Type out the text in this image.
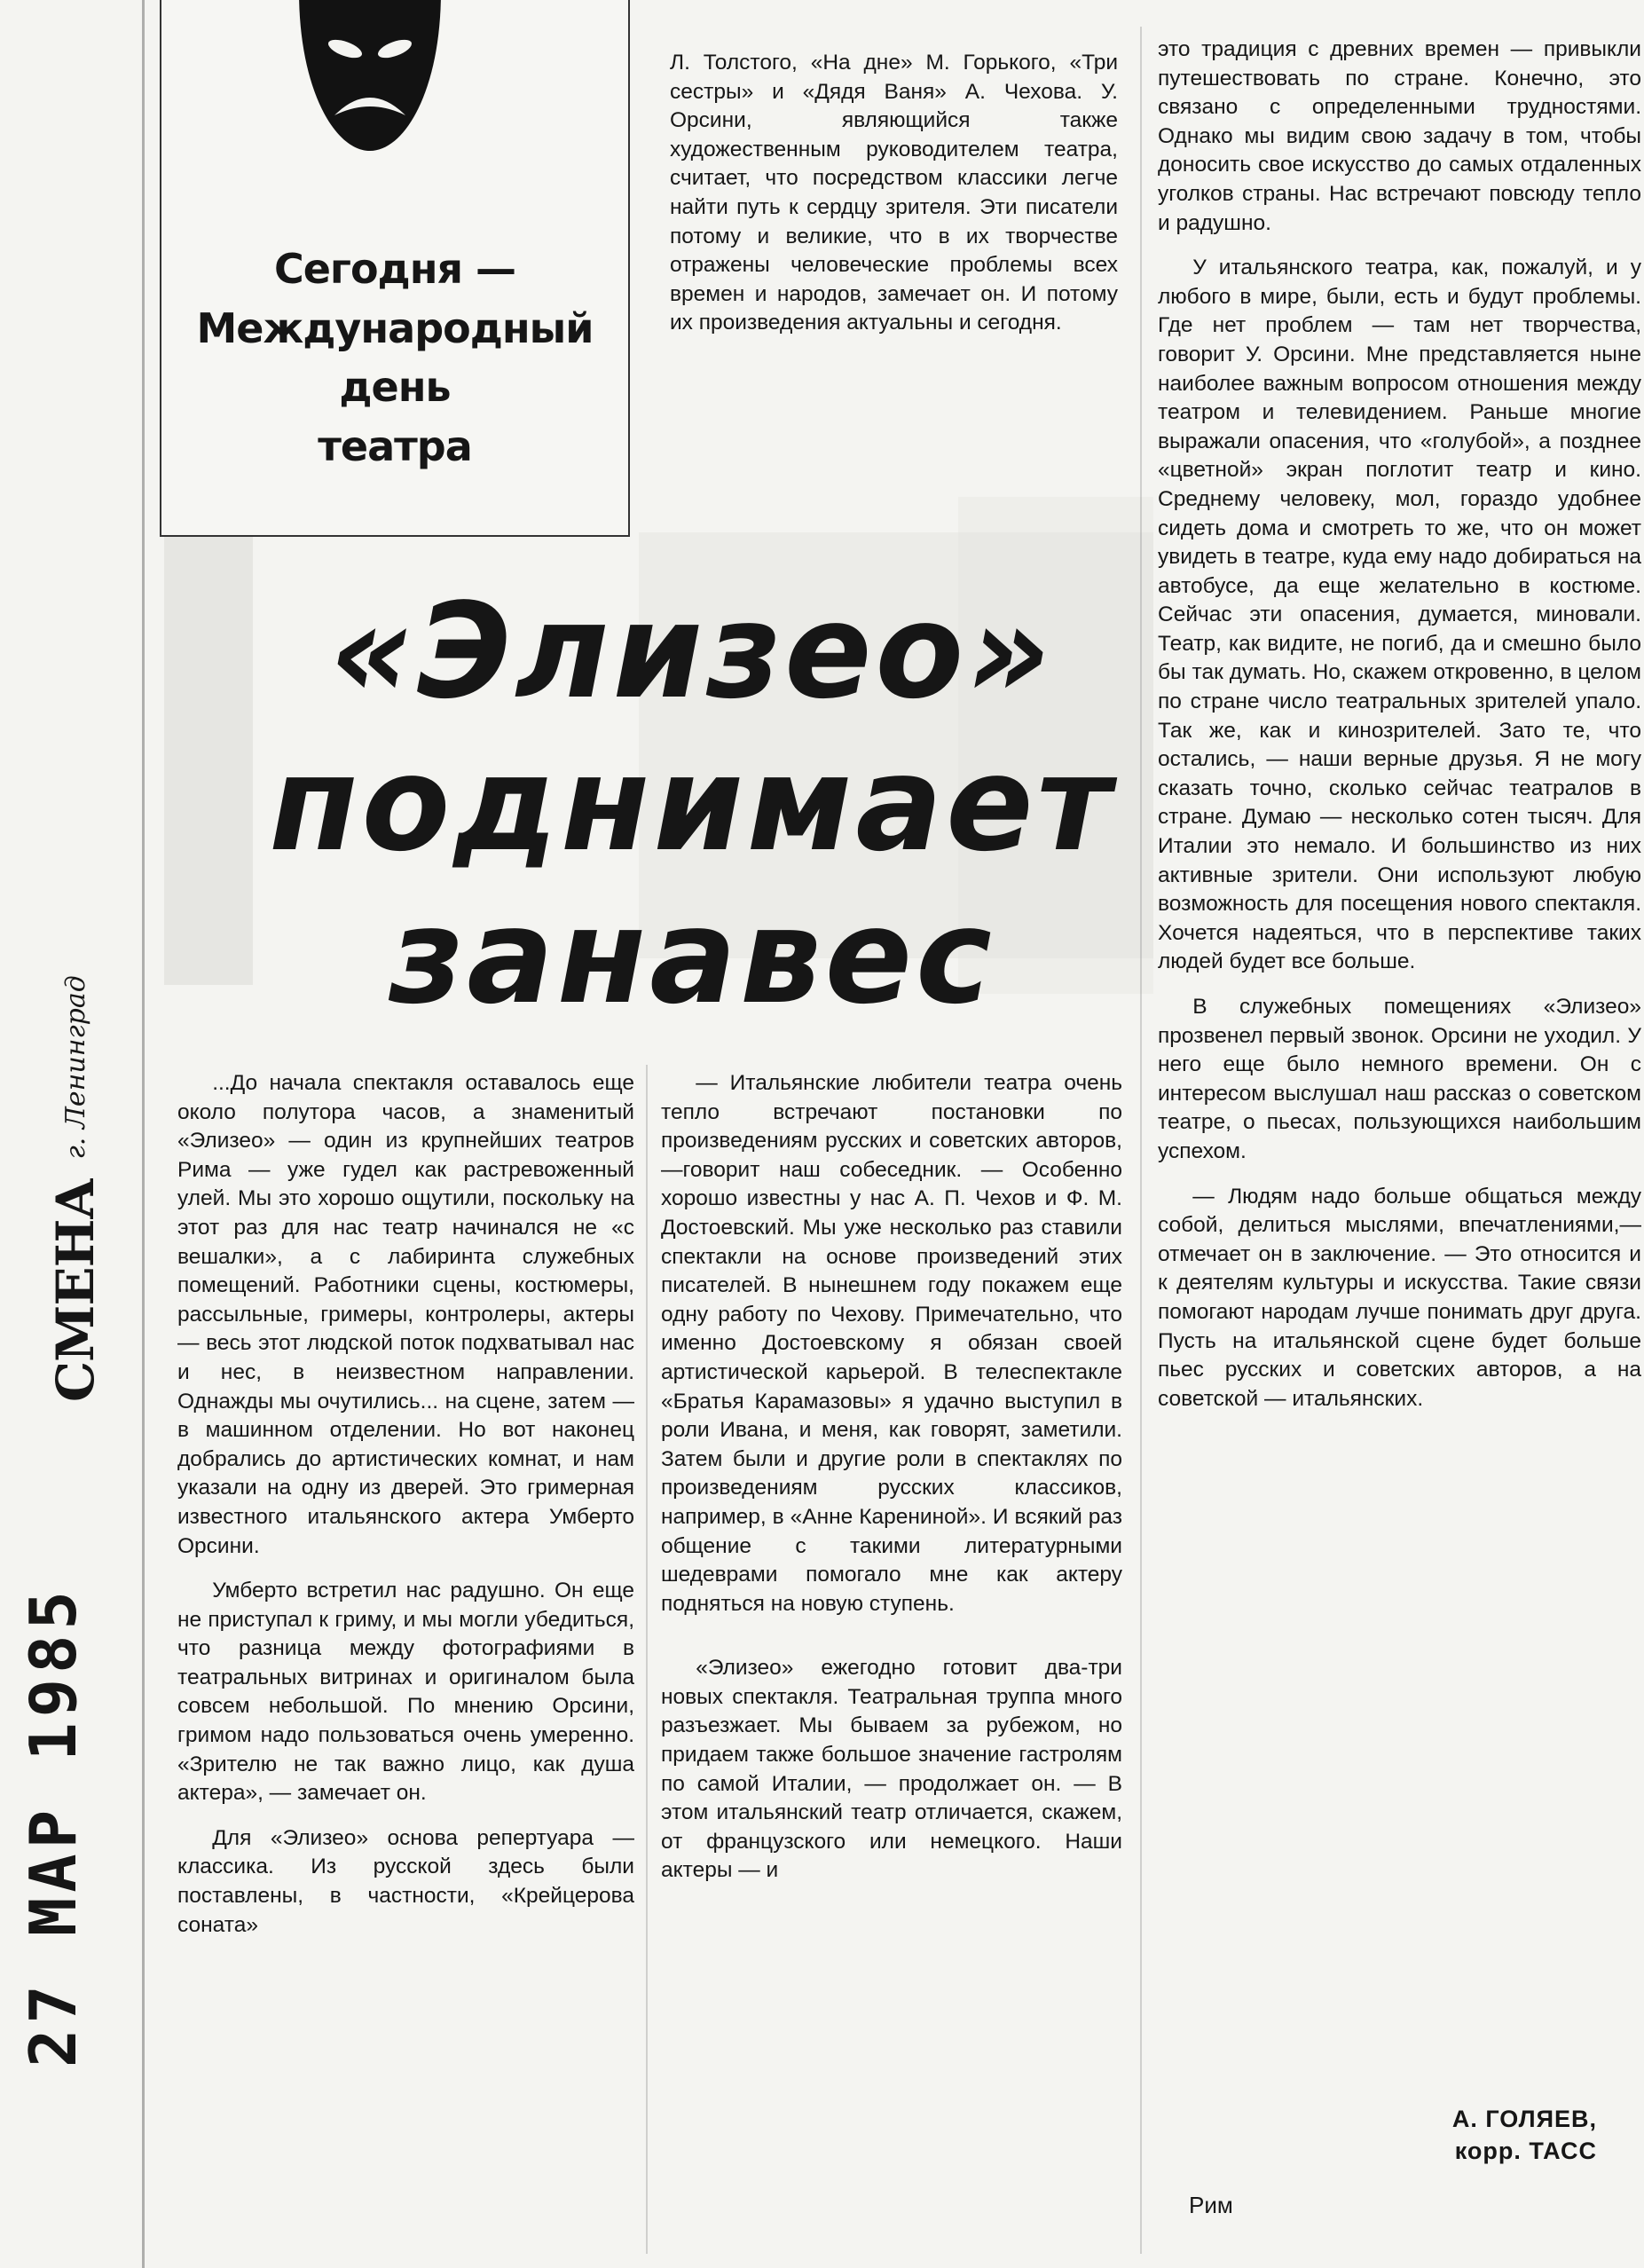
Сегодня —
Международный
день
театра

Л. Толстого, «На дне» М. Горького, «Три сестры» и «Дядя Ваня» А. Чехова. У. Орсини, являющийся также художественным руководителем театра, считает, что посредством классики легче найти путь к сердцу зрителя. Эти писатели потому и великие, что в их творчестве отражены человеческие проблемы всех времен и народов, замечает он. И потому их произведения актуальны и сегодня.

«Элизео»
поднимает
занавес
СМЕНА
г. Ленинград
27 МАР 1985

...До начала спектакля оставалось еще около полутора часов, а знаменитый «Элизео» — один из крупнейших театров Рима — уже гудел как растревоженный улей. Мы это хорошо ощутили, поскольку на этот раз для нас театр начинался не «с вешалки», а с лабиринта служебных помещений. Работники сцены, костюмеры, рассыльные, гримеры, контролеры, актеры — весь этот людской поток подхватывал нас и нес, в неизвестном направлении. Однажды мы очутились... на сцене, затем — в машинном отделении. Но вот наконец добрались до артистических комнат, и нам указали на одну из дверей. Это гримерная известного итальянского актера Умберто Орсини.

Умберто встретил нас радушно. Он еще не приступал к гриму, и мы могли убедиться, что разница между фотографиями в театральных витринах и оригиналом была совсем небольшой. По мнению Орсини, гримом надо пользоваться очень умеренно. «Зрителю не так важно лицо, как душа актера», — замечает он.

Для «Элизео» основа репертуара — классика. Из русской здесь были поставлены, в частности, «Крейцерова соната»

— Итальянские любители театра очень тепло встречают постановки по произведениям русских и советских авторов, —говорит наш собеседник. — Особенно хорошо известны у нас А. П. Чехов и Ф. М. Достоевский. Мы уже несколько раз ставили спектакли на основе произведений этих писателей. В нынешнем году покажем еще одну работу по Чехову. Примечательно, что именно Достоевскому я обязан своей артистической карьерой. В телеспектакле «Братья Карамазовы» я удачно выступил в роли Ивана, и меня, как говорят, заметили. Затем были и другие роли в спектаклях по произведениям русских классиков, например, в «Анне Карениной». И всякий раз общение с такими литературными шедеврами помогало мне как актеру подняться на новую ступень.

«Элизео» ежегодно готовит два-три новых спектакля. Театральная труппа много разъезжает. Мы бываем за рубежом, но придаем также большое значение гастролям по самой Италии, — продолжает он. — В этом итальянский театр отличается, скажем, от французского или немецкого. Наши актеры — и

это традиция с древних времен — привыкли путешествовать по стране. Конечно, это связано с определенными трудностями. Однако мы видим свою задачу в том, чтобы доносить свое искусство до самых отдаленных уголков страны. Нас встречают повсюду тепло и радушно.

У итальянского театра, как, пожалуй, и у любого в мире, были, есть и будут проблемы. Где нет проблем — там нет творчества, говорит У. Орсини. Мне представляется ныне наиболее важным вопросом отношения между театром и телевидением. Раньше многие выражали опасения, что «голубой», а позднее «цветной» экран поглотит театр и кино. Среднему человеку, мол, гораздо удобнее сидеть дома и смотреть то же, что он может увидеть в театре, куда ему надо добираться на автобусе, да еще желательно в костюме. Сейчас эти опасения, думается, миновали. Театр, как видите, не погиб, да и смешно было бы так думать. Но, скажем откровенно, в целом по стране число театральных зрителей упало. Так же, как и кинозрителей. Зато те, что остались, — наши верные друзья. Я не могу сказать точно, сколько сейчас театралов в стране. Думаю — несколько сотен тысяч. Для Италии это немало. И большинство из них активные зрители. Они используют любую возможность для посещения нового спектакля. Хочется надеяться, что в перспективе таких людей будет все больше.

В служебных помещениях «Элизео» прозвенел первый звонок. Орсини не уходил. У него еще было немного времени. Он с интересом выслушал наш рассказ о советском театре, о пьесах, пользующихся наибольшим успехом.

— Людям надо больше общаться между собой, делиться мыслями, впечатлениями,— отмечает он в заключение. — Это относится и к деятелям культуры и искусства. Такие связи помогают народам лучше понимать друг друга. Пусть на итальянской сцене будет больше пьес русских и советских авторов, а на советской — итальянских.

А. ГОЛЯЕВ,
корр. ТАСС
Рим
